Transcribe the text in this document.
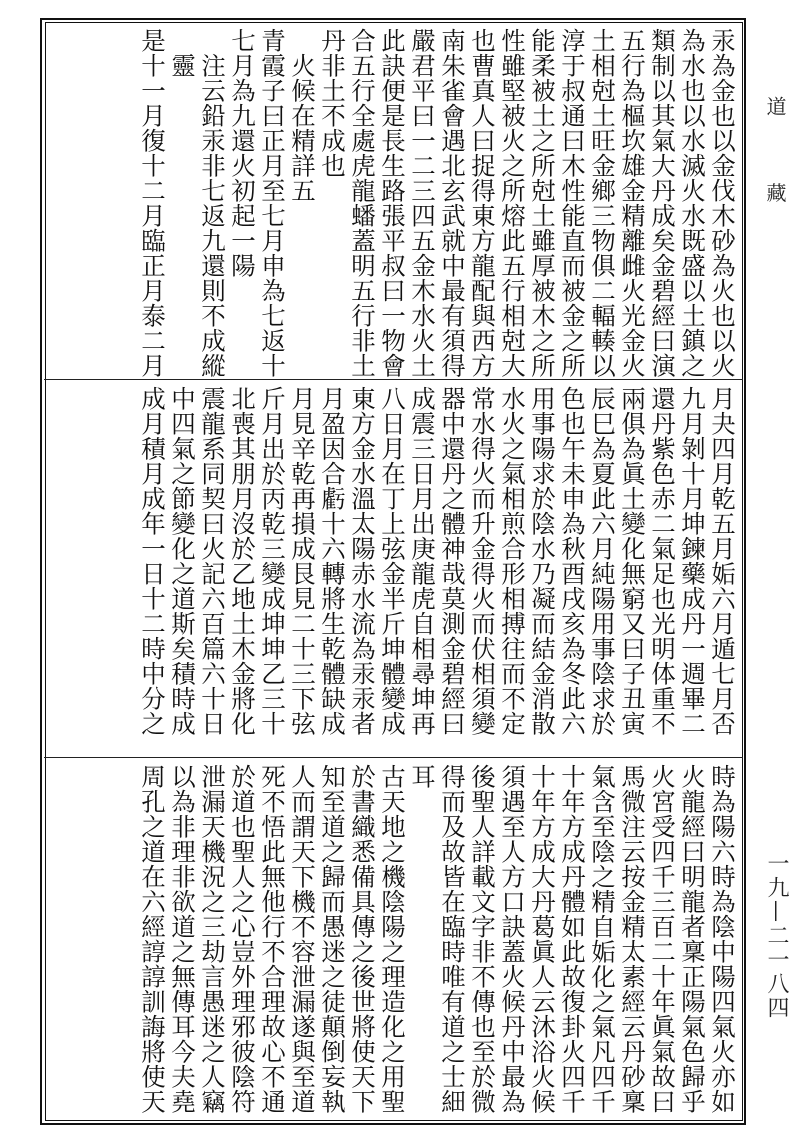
道 藏
一九—二一八四
汞為金也以金伐木砂為火也以火
為水也以水滅火水既盛以土鎮之
類制以其氣大丹成矣金碧經曰演
五行為樞坎雄金精離雌火光金火
土相尅土旺金鄉三物俱二輻輳以
淳于叔通曰木性能直而被金之所
能柔被土之所尅土雖厚被木之所
性雖堅被火之所熔此五行相尅大
也曹真人曰捉得東方龍配與西方
南朱雀會遇北玄武就中最有須得
嚴君平曰一二三四五金木水火土
此訣便是長生路張平叔曰一物會
合五行全處虎龍蟠蓋明五行非土
丹非土不成也
　火候在精詳五
青霞子曰正月至七月申為七返十
七月為九還火初起一陽
　注云鉛汞非七返九還則不成縱
　靈
是十一月復十二月臨正月泰二月
月夬四月乾五月姤六月遁七月否
九月剝十月坤鍊藥成丹一週畢二
還丹紫色赤二氣足也光明体重不
兩俱為眞土變化無窮又曰子丑寅
辰巳為夏此六月純陽用事陰求於
色也午未申為秋酉戌亥為冬此六
用事陽求於陰水乃凝而結金消散
水火之氣相煎合形相搏往而不定
常水得火而升金得火而伏相須變
器中還丹之體神哉莫測金碧經曰
成震三日月出庚龍虎自相尋坤再
八日月在丁上弦金半斤坤體變成
東方金水溫太陽赤水流為汞汞者
月盈因合虧十六轉將生乾體缺成
月見辛乾再損成艮見二十三下弦
斤月出於丙乾三變成坤坤乙三十
北喪其朋月沒於乙地土木金將化
震龍系同契曰火記六百篇六十日
中四氣之節變化之道斯矣積時成
成月積月成年一日十二時中分之
時為陽六時為陰中陽四氣火亦如
火龍經曰明龍者稟正陽氣色歸乎
火宮受四千三百二十年眞氣故曰
馬微注云按金精太素經云丹砂稟
氣含至陰之精自姤化之氣凡四千
十年方成丹體如此故復卦火四千
十年方成大丹葛眞人云沐浴火候
須遇至人方口訣蓋火候丹中最為
後聖人詳載文字非不傳也至於微
得而及故皆在臨時唯有道之士細
耳
古天地之機陰陽之理造化之用聖
於書織悉備具傳之後世將使天下
知至道之歸而愚迷之徒顛倒妄執
人而謂天下機不容泄漏遂與至道
死不悟此無他行不合理故心不通
於道也聖人之心豈外理邪彼陰符
泄漏天機況之三劫言愚迷之人竊
以為非理非欲道之無傳耳今夫堯
周孔之道在六經諄諄訓誨將使天
